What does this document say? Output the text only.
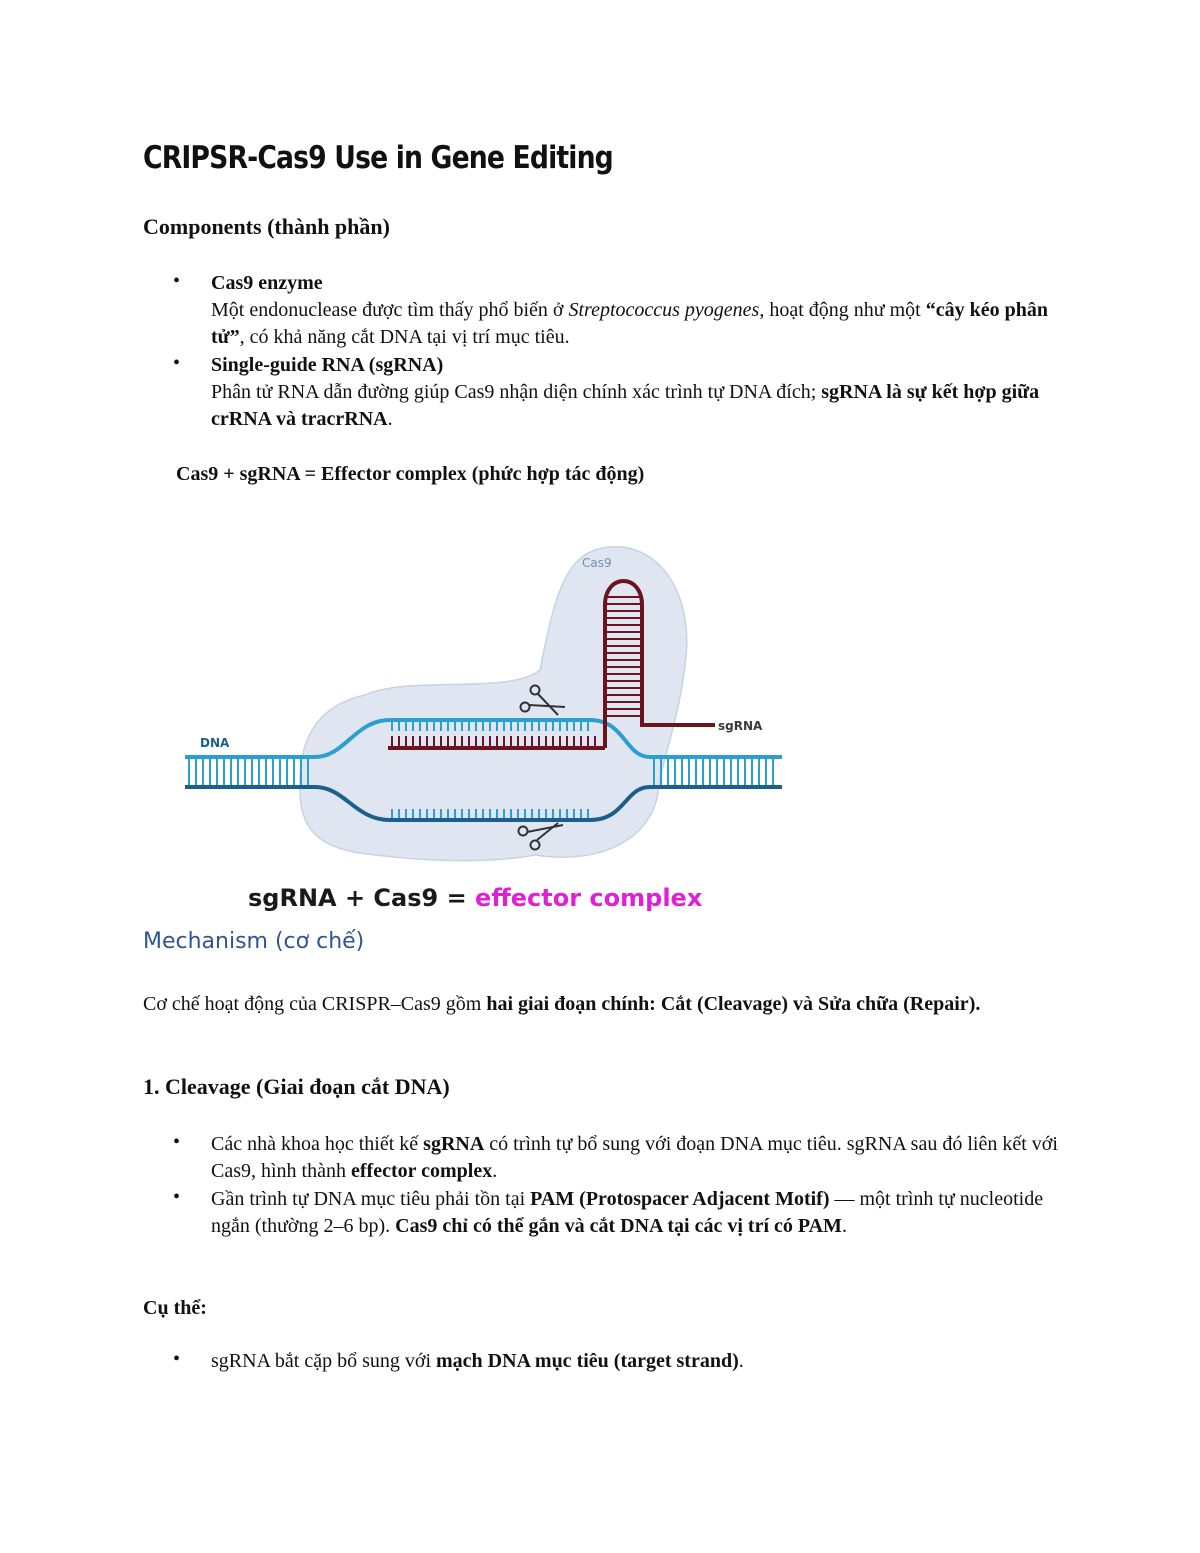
CRIPSR-Cas9 Use in Gene Editing
Components (thành phần)
• Cas9 enzyme
Một endonuclease được tìm thấy phổ biến ở Streptococcus pyogenes, hoạt động như một “cây kéo phân tử”, có khả năng cắt DNA tại vị trí mục tiêu.
• Single-guide RNA (sgRNA)
Phân tử RNA dẫn đường giúp Cas9 nhận diện chính xác trình tự DNA đích; sgRNA là sự kết hợp giữa crRNA và tracrRNA.
Cas9 + sgRNA = Effector complex (phức hợp tác động)
Cas9
DNA
sgRNA
sgRNA + Cas9 = effector complex
Mechanism (cơ chế)
Cơ chế hoạt động của CRISPR–Cas9 gồm hai giai đoạn chính: Cắt (Cleavage) và Sửa chữa (Repair).
1. Cleavage (Giai đoạn cắt DNA)
• Các nhà khoa học thiết kế sgRNA có trình tự bổ sung với đoạn DNA mục tiêu. sgRNA sau đó liên kết với Cas9, hình thành effector complex.
• Gần trình tự DNA mục tiêu phải tồn tại PAM (Protospacer Adjacent Motif) — một trình tự nucleotide ngắn (thường 2–6 bp). Cas9 chỉ có thể gắn và cắt DNA tại các vị trí có PAM.
Cụ thể:
• sgRNA bắt cặp bổ sung với mạch DNA mục tiêu (target strand).
